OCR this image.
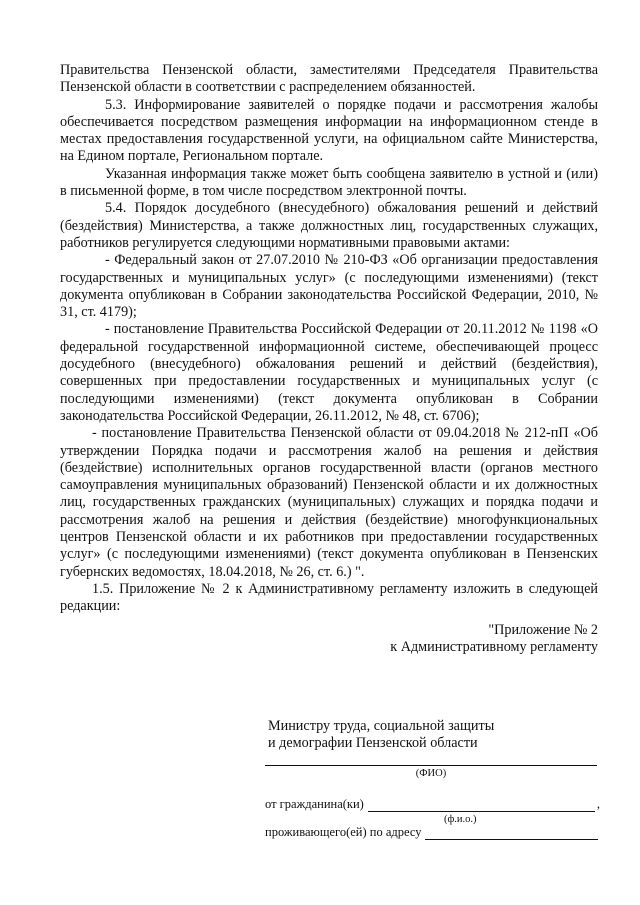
Правительства Пензенской области, заместителями Председателя Правительства Пензенской области в соответствии с распределением обязанностей.

5.3. Информирование заявителей о порядке подачи и рассмотрения жалобы обеспечивается посредством размещения информации на информационном стенде в местах предоставления государственной услуги, на официальном сайте Министерства, на Едином портале, Региональном портале.

Указанная информация также может быть сообщена заявителю в устной и (или) в письменной форме, в том числе посредством электронной почты.

5.4. Порядок досудебного (внесудебного) обжалования решений и действий (бездействия) Министерства, а также должностных лиц, государственных служащих, работников регулируется следующими нормативными правовыми актами:

- Федеральный закон от 27.07.2010 № 210-ФЗ «Об организации предоставления государственных и муниципальных услуг» (с последующими изменениями) (текст документа опубликован в Собрании законодательства Российской Федерации, 2010, № 31, ст. 4179);

- постановление Правительства Российской Федерации от 20.11.2012 № 1198 «О федеральной государственной информационной системе, обеспечивающей процесс досудебного (внесудебного) обжалования решений и действий (бездействия), совершенных при предоставлении государственных и муниципальных услуг (с последующими изменениями) (текст документа опубликован в Собрании законодательства Российской Федерации, 26.11.2012, № 48, ст. 6706);

- постановление Правительства Пензенской области от 09.04.2018 № 212-пП «Об утверждении Порядка подачи и рассмотрения жалоб на решения и действия (бездействие) исполнительных органов государственной власти (органов местного самоуправления муниципальных образований) Пензенской области и их должностных лиц, государственных гражданских (муниципальных) служащих и порядка подачи и рассмотрения жалоб на решения и действия (бездействие) многофункциональных центров Пензенской области и их работников при предоставлении государственных услуг» (с последующими изменениями) (текст документа опубликован в Пензенских губернских ведомостях, 18.04.2018, № 26, ст. 6.) ".

1.5. Приложение № 2 к Административному регламенту изложить в следующей редакции:

"Приложение № 2

к Административному регламенту

Министру труда, социальной защиты
и демографии Пензенской области
(ФИО)
от гражданина(ки)	,
(ф.и.о.)
проживающего(ей) по адресу
